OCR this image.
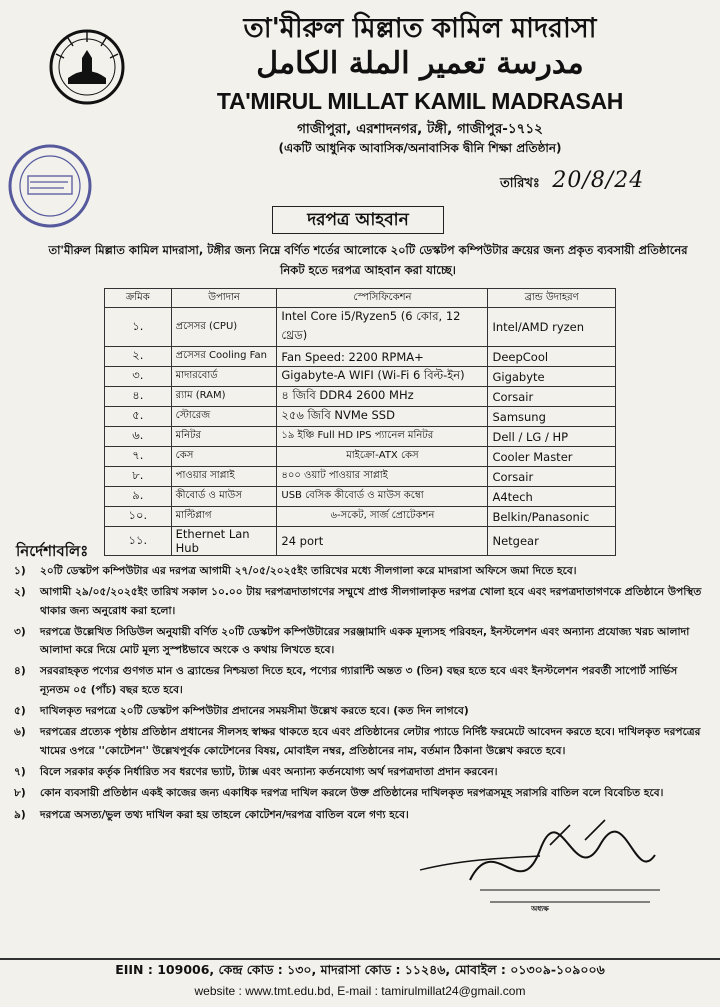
তা'মীরুল মিল্লাত কামিল মাদরাসা
مدرسة تعمير الملة الكامل
TA'MIRUL MILLAT KAMIL MADRASAH
গাজীপুরা, এরশাদনগর, টঙ্গী, গাজীপুর-১৭১২
(একটি আধুনিক আবাসিক/অনাবাসিক দ্বীনি শিক্ষা প্রতিষ্ঠান)
তারিখঃ 20/8/24
দরপত্র আহবান
তা'মীরুল মিল্লাত কামিল মাদরাসা, টঙ্গীর জন্য নিম্নে বর্ণিত শর্তের আলোকে ২০টি ডেস্কটপ কম্পিউটার ক্রয়ের জন্য প্রকৃত ব্যবসায়ী প্রতিষ্ঠানের নিকট হতে দরপত্র আহবান করা যাচ্ছে।
ক্রমিক	উপাদান	স্পেসিফিকেশন	ব্রান্ড উদাহরণ
১.	প্রসেসর (CPU)	Intel Core i5/Ryzen5 (6 কোর, 12 থ্রেড)	Intel/AMD ryzen
২.	প্রসেসর Cooling Fan	Fan Speed: 2200 RPMA+	DeepCool
৩.	মাদারবোর্ড	Gigabyte-A WIFI (Wi-Fi 6 বিল্ট-ইন)	Gigabyte
৪.	র‍্যাম (RAM)	৪ জিবি DDR4 2600 MHz	Corsair
৫.	স্টোরেজ	২৫৬ জিবি NVMe SSD	Samsung
৬.	মনিটর	১৯ ইঞ্চি Full HD IPS প্যানেল মনিটর	Dell / LG / HP
৭.	কেস	মাইক্রো-ATX কেস	Cooler Master
৮.	পাওয়ার সাপ্লাই	৪০০ ওয়াট পাওয়ার সাপ্লাই	Corsair
৯.	কীবোর্ড ও মাউস	USB বেসিক কীবোর্ড ও মাউস কম্বো	A4tech
১০.	মাল্টিপ্লাগ	৬-সকেট, সার্জ প্রোটেকশন	Belkin/Panasonic
১১.	Ethernet Lan Hub	24 port	Netgear
নির্দেশাবলিঃ
১)	২০টি ডেস্কটপ কম্পিউটার এর দরপত্র আগামী ২৭/০৫/২০২৫ইং তারিখের মধ্যে সীলগালা করে মাদরাসা অফিসে জমা দিতে হবে।
২)	আগামী ২৯/০৫/২০২৫ইং তারিখ সকাল ১০.০০ টায় দরপত্রদাতাগণের সম্মুখে প্রাপ্ত সীলগালাকৃত দরপত্র খোলা হবে এবং দরপত্রদাতাগণকে প্রতিষ্ঠানে উপস্থিত থাকার জন্য অনুরোধ করা হলো।
৩)	দরপত্রে উল্লেখিত সিডিউল অনুযায়ী বর্ণিত ২০টি ডেস্কটপ কম্পিউটারের সরঞ্জামাদি একক মূল্যসহ পরিবহন, ইনস্টলেশন এবং অন্যান্য প্রযোজ্য খরচ আলাদা আলাদা করে দিয়ে মোট মূল্য সুস্পষ্টভাবে অংকে ও কথায় লিখতে হবে।
৪)	সরবরাহকৃত পণ্যের গুণগত মান ও ব্র্যান্ডের নিশ্চয়তা দিতে হবে, পণ্যের গ্যারান্টি অন্তত ৩ (তিন) বছর হতে হবে এবং ইনস্টলেশন পরবর্তী সাপোর্ট সার্ভিস ন্যূনতম ০৫ (পাঁচ) বছর হতে হবে।
৫)	দাখিলকৃত দরপত্রে ২০টি ডেস্কটপ কম্পিউটার প্রদানের সময়সীমা উল্লেখ করতে হবে। (কত দিন লাগবে)
৬)	দরপত্রের প্রত্যেক পৃষ্ঠায় প্রতিষ্ঠান প্রধানের সীলসহ স্বাক্ষর থাকতে হবে এবং প্রতিষ্ঠানের লেটার প্যাডে নির্দিষ্ট ফরমেটে আবেদন করতে হবে। দাখিলকৃত দরপত্রের খামের ওপরে ''কোটেশন'' উল্লেখপূর্বক কোটেশনের বিষয়, মোবাইল নম্বর, প্রতিষ্ঠানের নাম, বর্তমান ঠিকানা উল্লেখ করতে হবে।
৭)	বিলে সরকার কর্তৃক নির্ধারিত সব ধরণের ভ্যাট, ট্যাক্স এবং অন্যান্য কর্তনযোগ্য অর্থ দরপত্রদাতা প্রদান করবেন।
৮)	কোন ব্যবসায়ী প্রতিষ্ঠান একই কাজের জন্য একাধিক দরপত্র দাখিল করলে উক্ত প্রতিষ্ঠানের দাখিলকৃত দরপত্রসমূহ সরাসরি বাতিল বলে বিবেচিত হবে।
৯)	দরপত্রে অসত্য/ভুল তথ্য দাখিল করা হয় তাহলে কোটেশন/দরপত্র বাতিল বলে গণ্য হবে।
অধ্যক্ষ
EIIN : 109006, কেন্দ্র কোড : ১৩০, মাদরাসা কোড : ১১২৪৬, মোবাইল : ০১৩০৯-১০৯০০৬
website : www.tmt.edu.bd, E-mail : tamirulmillat24@gmail.com
